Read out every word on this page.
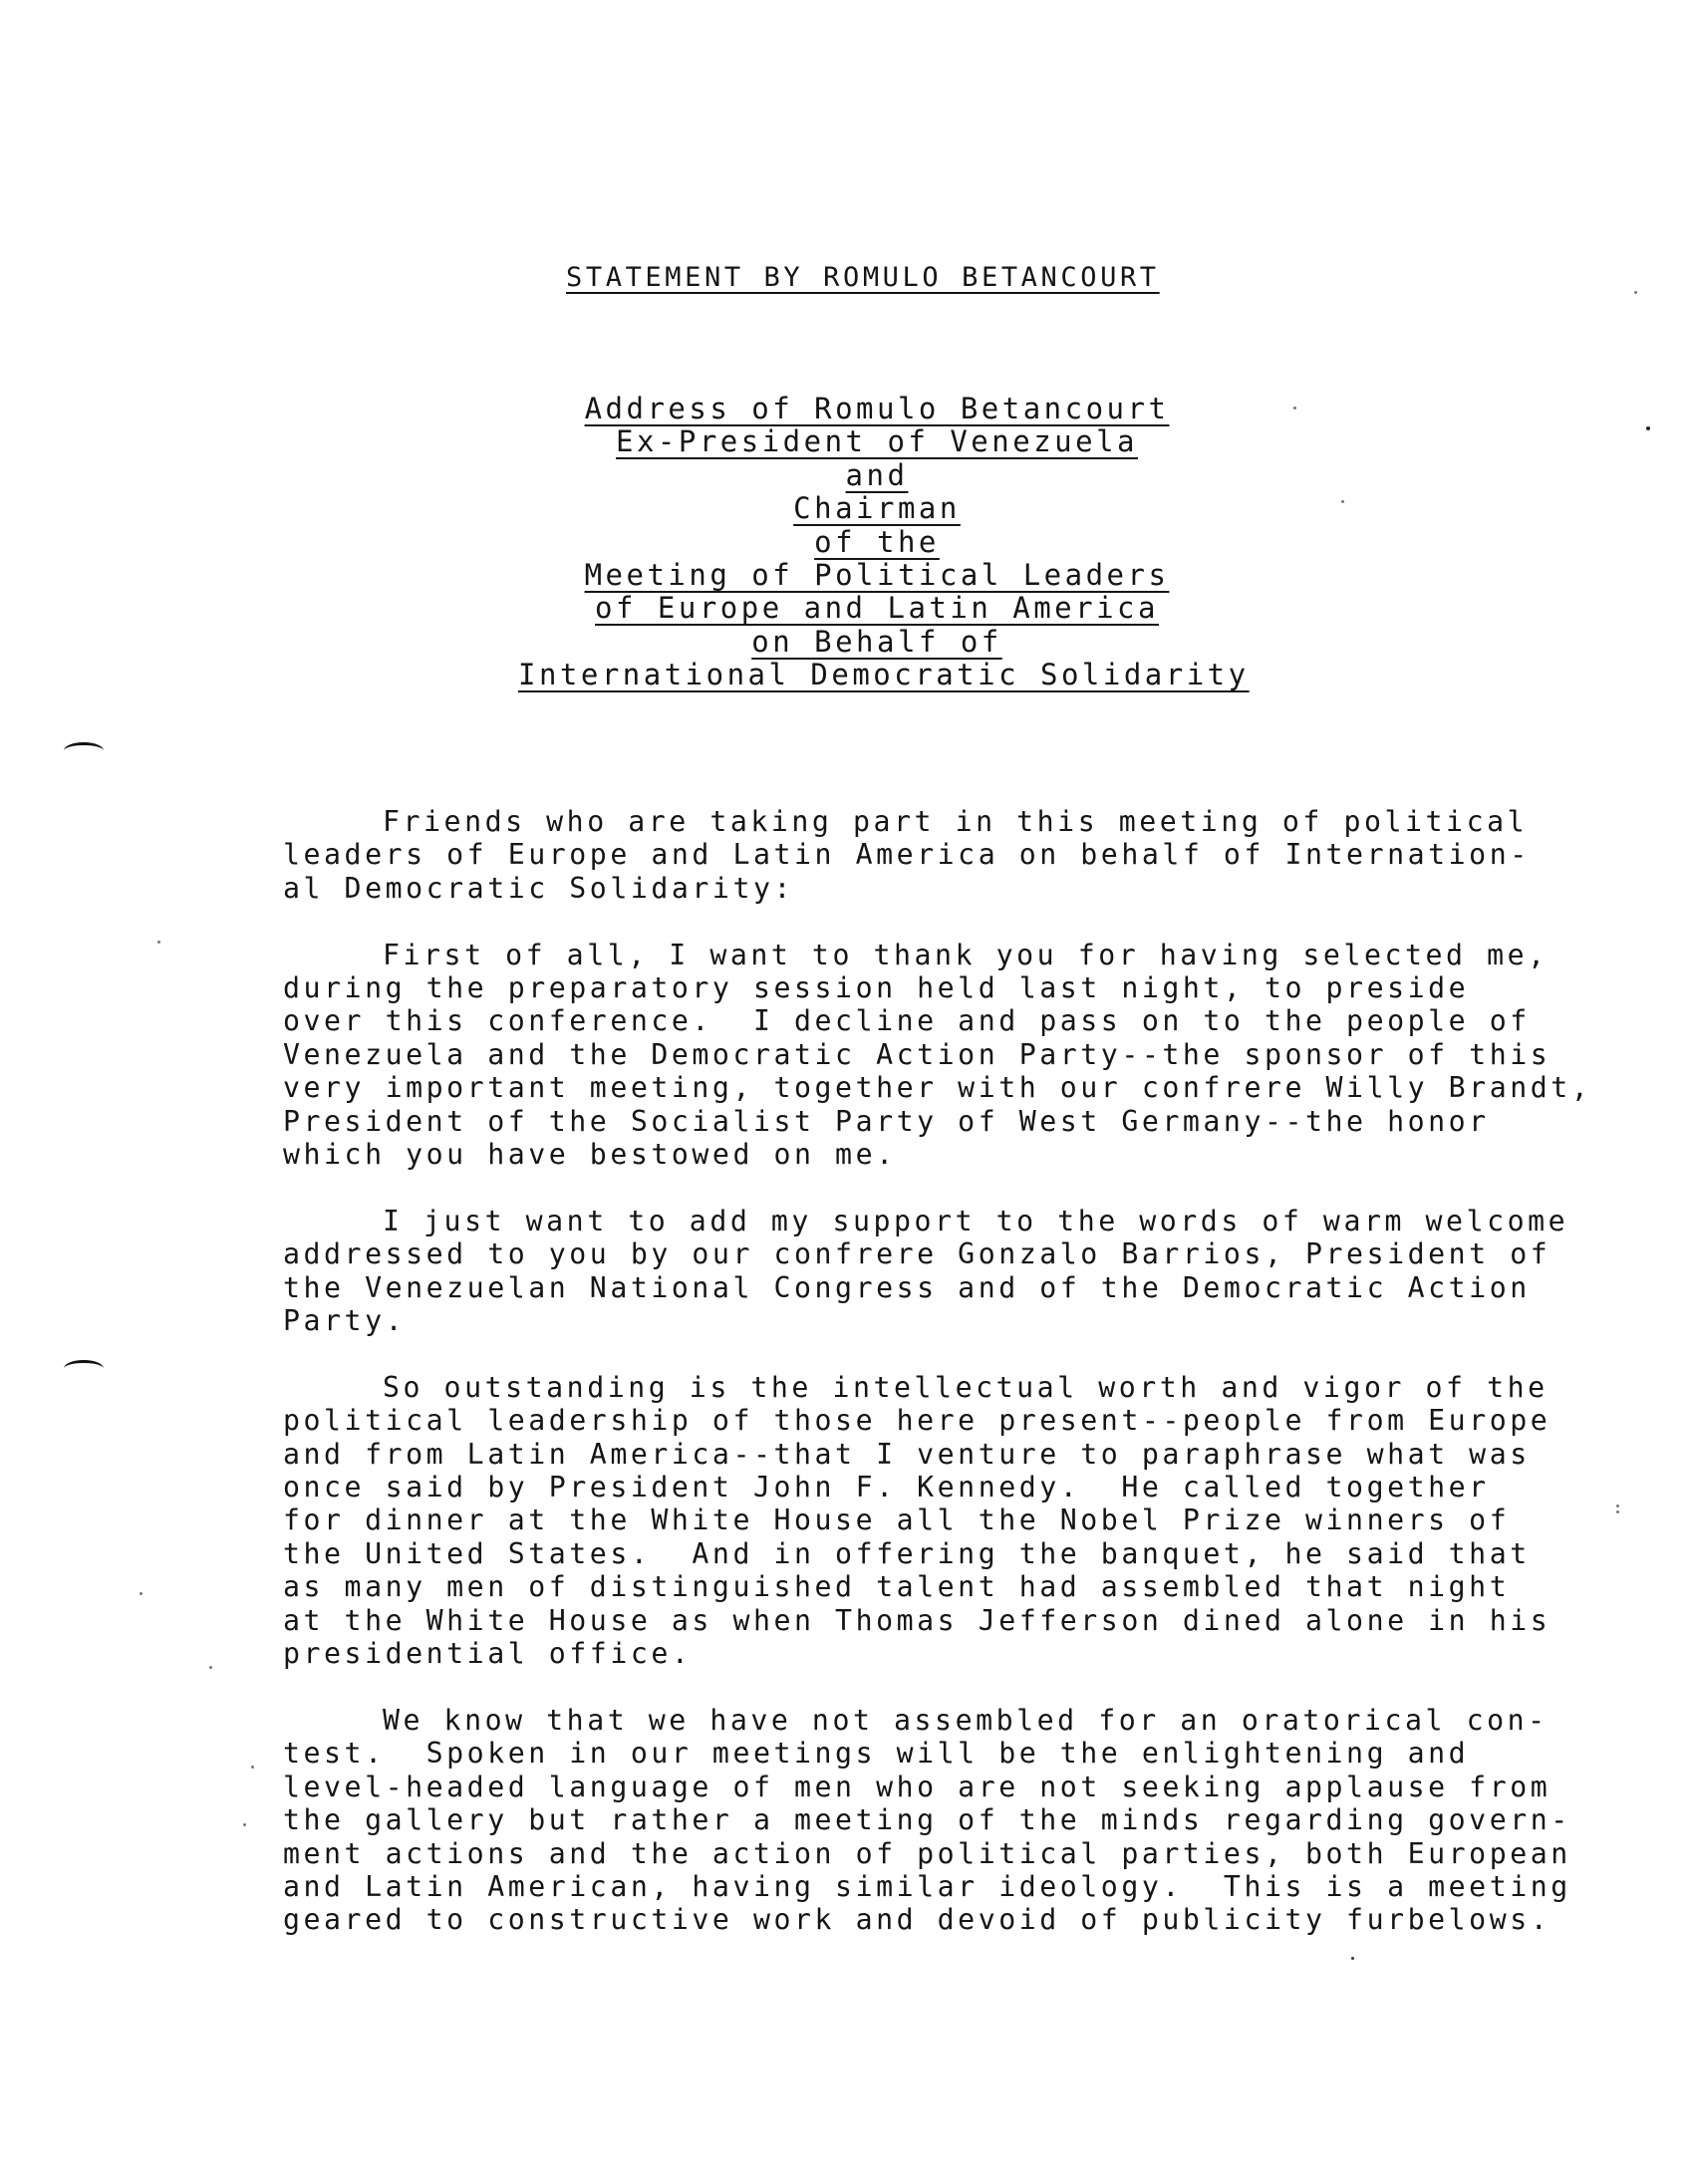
STATEMENT BY ROMULO BETANCOURT
Address of Romulo Betancourt
Ex-President of Venezuela
and
Chairman
of the
Meeting of Political Leaders
of Europe and Latin America
on Behalf of
International Democratic Solidarity

Friends who are taking part in this meeting of political
leaders of Europe and Latin America on behalf of Internation-
al Democratic Solidarity:

First of all, I want to thank you for having selected me,
during the preparatory session held last night, to preside
over this conference.  I decline and pass on to the people of
Venezuela and the Democratic Action Party--the sponsor of this
very important meeting, together with our confrere Willy Brandt,
President of the Socialist Party of West Germany--the honor
which you have bestowed on me.

I just want to add my support to the words of warm welcome
addressed to you by our confrere Gonzalo Barrios, President of
the Venezuelan National Congress and of the Democratic Action
Party.

So outstanding is the intellectual worth and vigor of the
political leadership of those here present--people from Europe
and from Latin America--that I venture to paraphrase what was
once said by President John F. Kennedy.  He called together
for dinner at the White House all the Nobel Prize winners of
the United States.  And in offering the banquet, he said that
as many men of distinguished talent had assembled that night
at the White House as when Thomas Jefferson dined alone in his
presidential office.

We know that we have not assembled for an oratorical con-
test.  Spoken in our meetings will be the enlightening and
level-headed language of men who are not seeking applause from
the gallery but rather a meeting of the minds regarding govern-
ment actions and the action of political parties, both European
and Latin American, having similar ideology.  This is a meeting
geared to constructive work and devoid of publicity furbelows.
